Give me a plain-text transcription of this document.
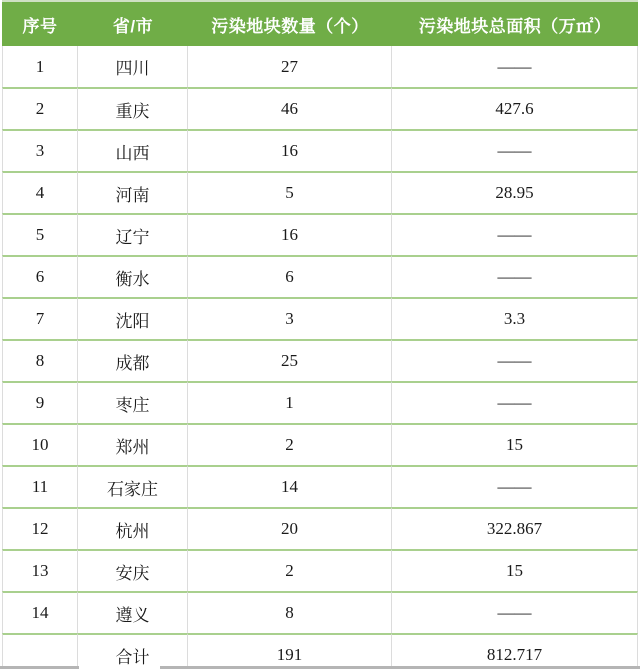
序号	省/市	污染地块数量（个）	污染地块总面积（万㎡）
1	四川	27	——
2	重庆	46	427.6
3	山西	16	——
4	河南	5	28.95
5	辽宁	16	——
6	衡水	6	——
7	沈阳	3	3.3
8	成都	25	——
9	枣庄	1	——
10	郑州	2	15
11	石家庄	14	——
12	杭州	20	322.867
13	安庆	2	15
14	遵义	8	——
	合计	191	812.717
